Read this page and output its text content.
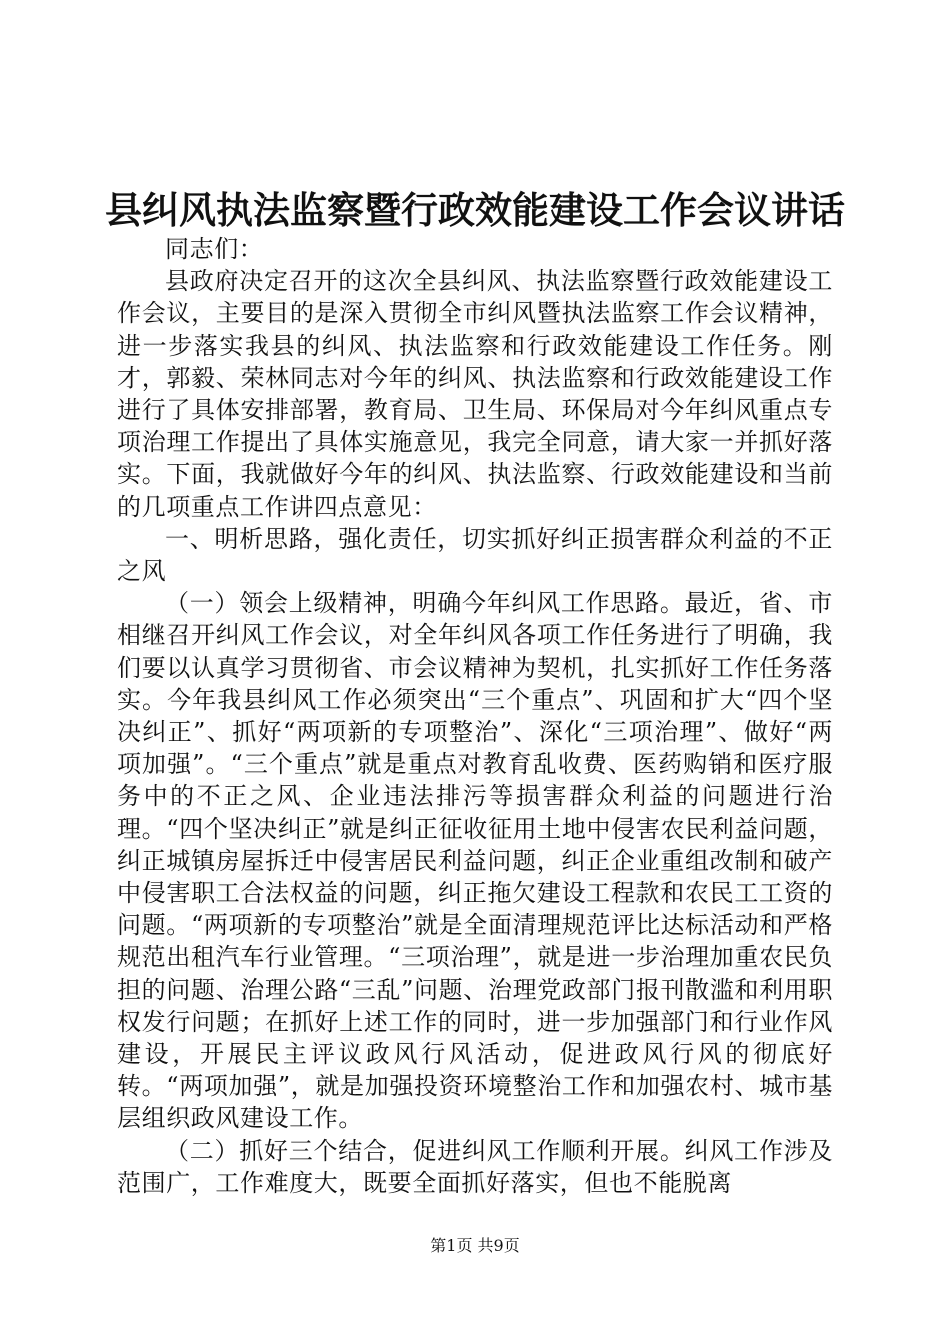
县纠风执法监察暨行政效能建设工作会议讲话

同志们：

县政府决定召开的这次全县纠风、执法监察暨行政效能建设工作会议，主要目的是深入贯彻全市纠风暨执法监察工作会议精神，进一步落实我县的纠风、执法监察和行政效能建设工作任务。刚才，郭毅、荣林同志对今年的纠风、执法监察和行政效能建设工作进行了具体安排部署，教育局、卫生局、环保局对今年纠风重点专项治理工作提出了具体实施意见，我完全同意，请大家一并抓好落实。下面，我就做好今年的纠风、执法监察、行政效能建设和当前的几项重点工作讲四点意见：

一、明析思路，强化责任，切实抓好纠正损害群众利益的不正之风

（一）领会上级精神，明确今年纠风工作思路。最近，省、市相继召开纠风工作会议，对全年纠风各项工作任务进行了明确，我们要以认真学习贯彻省、市会议精神为契机，扎实抓好工作任务落实。今年我县纠风工作必须突出“三个重点”、巩固和扩大“四个坚决纠正”、抓好“两项新的专项整治”、深化“三项治理”、做好“两项加强”。“三个重点”就是重点对教育乱收费、医药购销和医疗服务中的不正之风、企业违法排污等损害群众利益的问题进行治理。“四个坚决纠正”就是纠正征收征用土地中侵害农民利益问题，纠正城镇房屋拆迁中侵害居民利益问题，纠正企业重组改制和破产中侵害职工合法权益的问题，纠正拖欠建设工程款和农民工工资的问题。“两项新的专项整治”就是全面清理规范评比达标活动和严格规范出租汽车行业管理。“三项治理”，就是进一步治理加重农民负担的问题、治理公路“三乱”问题、治理党政部门报刊散滥和利用职权发行问题；在抓好上述工作的同时，进一步加强部门和行业作风建设，开展民主评议政风行风活动，促进政风行风的彻底好转。“两项加强”，就是加强投资环境整治工作和加强农村、城市基层组织政风建设工作。

（二）抓好三个结合，促进纠风工作顺利开展。纠风工作涉及范围广，工作难度大，既要全面抓好落实，但也不能脱离

第1页 共9页
